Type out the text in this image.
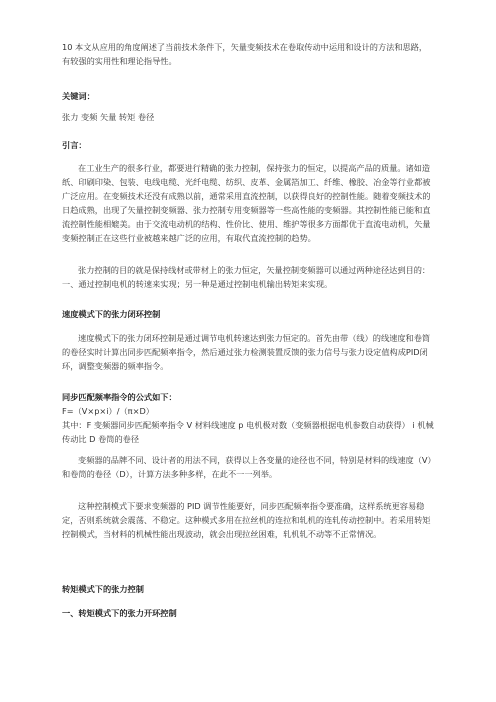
10 本文从应用的角度阐述了当前技术条件下，矢量变频技术在卷取传动中运用和设计的方法和思路，有较强的实用性和理论指导性。

关键词：

张力 变频 矢量 转矩 卷径

引言：

在工业生产的很多行业，都要进行精确的张力控制，保持张力的恒定，以提高产品的质量。诸如造纸、印刷印染、包装、电线电缆、光纤电缆、纺织、皮革、金属箔加工、纤维、橡胶、冶金等行业都被广泛应用。在变频技术还没有成熟以前，通常采用直流控制，以获得良好的控制性能。随着变频技术的日趋成熟，出现了矢量控制变频器、张力控制专用变频器等一些高性能的变频器。其控制性能已能和直流控制性能相媲美。由于交流电动机的结构、性价比、使用、维护等很多方面都优于直流电动机，矢量变频控制正在这些行业被越来越广泛的应用，有取代直流控制的趋势。

张力控制的目的就是保持线材或带材上的张力恒定，矢量控制变频器可以通过两种途径达到目的：一、通过控制电机的转速来实现；另一种是通过控制电机输出转矩来实现。

速度模式下的张力闭环控制

速度模式下的张力闭环控制是通过调节电机转速达到张力恒定的。首先由带（线）的线速度和卷筒的卷径实时计算出同步匹配频率指令，然后通过张力检测装置反馈的张力信号与张力设定值构成PID闭环，调整变频器的频率指令。

同步匹配频率指令的公式如下：

F=（V×p×i）/（π×D）

其中：F 变频器同步匹配频率指令 V 材料线速度 p 电机极对数（变频器根据电机参数自动获得） i 机械传动比 D 卷筒的卷径

变频器的品牌不同、设计者的用法不同，获得以上各变量的途径也不同，特别是材料的线速度（V）和卷筒的卷径（D），计算方法多种多样，在此不一一列举。

这种控制模式下要求变频器的 PID 调节性能要好，同步匹配频率指令要准确，这样系统更容易稳定，否则系统就会震荡、不稳定。这种模式多用在拉丝机的连拉和轧机的连轧传动控制中。若采用转矩控制模式，当材料的机械性能出现波动，就会出现拉丝困难，轧机轧不动等不正常情况。

转矩模式下的张力控制

一、转矩模式下的张力开环控制
